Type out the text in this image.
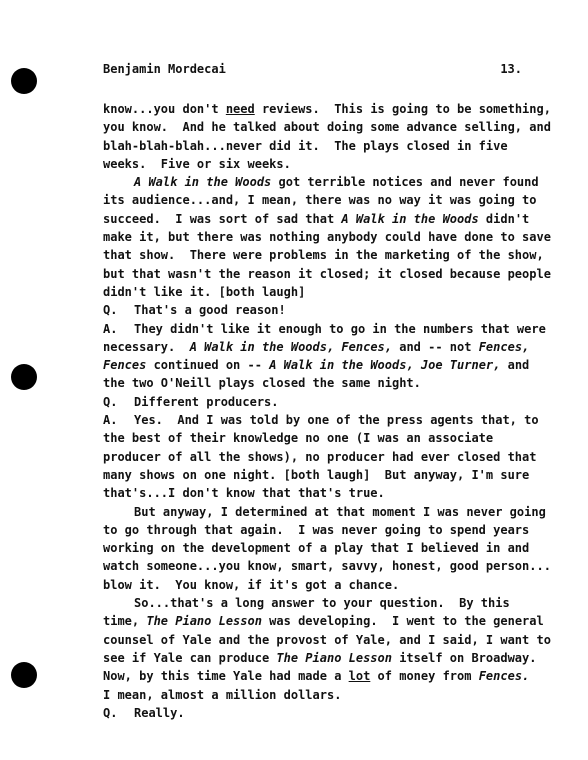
Benjamin Mordecai	13.
know...you don't need reviews.  This is going to be something,
you know.  And he talked about doing some advance selling, and
blah-blah-blah...never did it.  The plays closed in five
weeks.  Five or six weeks.
A Walk in the Woods got terrible notices and never found
its audience...and, I mean, there was no way it was going to
succeed.  I was sort of sad that A Walk in the Woods didn't
make it, but there was nothing anybody could have done to save
that show.  There were problems in the marketing of the show,
but that wasn't the reason it closed; it closed because people
didn't like it. [both laugh]
Q.	That's a good reason!
A.	They didn't like it enough to go in the numbers that were
necessary.  A Walk in the Woods, Fences, and -- not Fences,
Fences continued on -- A Walk in the Woods, Joe Turner, and
the two O'Neill plays closed the same night.
Q.	Different producers.
A.	Yes.  And I was told by one of the press agents that, to
the best of their knowledge no one (I was an associate
producer of all the shows), no producer had ever closed that
many shows on one night. [both laugh]  But anyway, I'm sure
that's...I don't know that that's true.
But anyway, I determined at that moment I was never going
to go through that again.  I was never going to spend years
working on the development of a play that I believed in and
watch someone...you know, smart, savvy, honest, good person...
blow it.  You know, if it's got a chance.
So...that's a long answer to your question.  By this
time, The Piano Lesson was developing.  I went to the general
counsel of Yale and the provost of Yale, and I said, I want to
see if Yale can produce The Piano Lesson itself on Broadway.
Now, by this time Yale had made a lot of money from Fences.
I mean, almost a million dollars.
Q.	Really.
